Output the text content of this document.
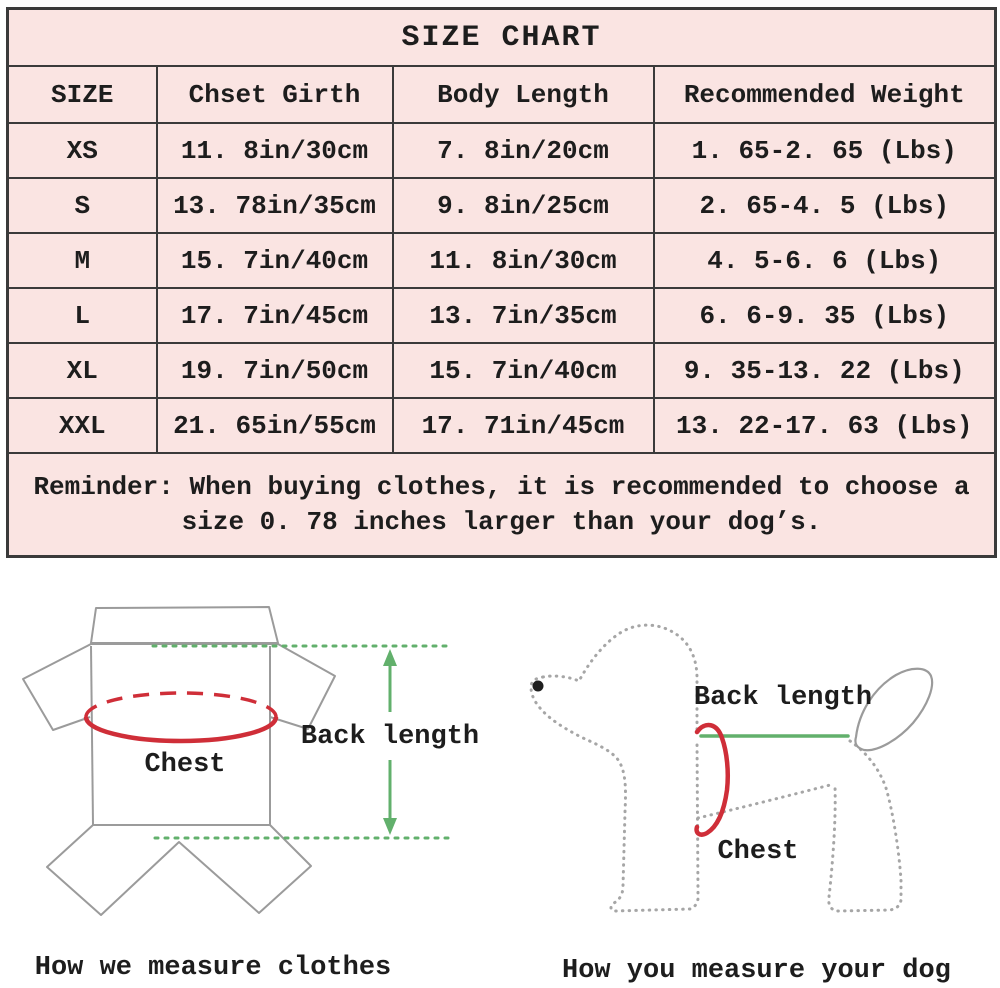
SIZE CHART			
SIZE	Chset Girth	Body Length	Recommended Weight
XS	11. 8in/30cm	7. 8in/20cm	1. 65-2. 65 (Lbs)
S	13. 78in/35cm	9. 8in/25cm	2. 65-4. 5 (Lbs)
M	15. 7in/40cm	11. 8in/30cm	4. 5-6. 6 (Lbs)
L	17. 7in/45cm	13. 7in/35cm	6. 6-9. 35 (Lbs)
XL	19. 7in/50cm	15. 7in/40cm	9. 35-13. 22 (Lbs)
XXL	21. 65in/55cm	17. 71in/45cm	13. 22-17. 63 (Lbs)

Reminder: When buying clothes, it is recommended to choose a
size 0. 78 inches larger than your dog’s.			
Chest
Back length
Back length
Chest
How we measure clothes	How you measure your dog
